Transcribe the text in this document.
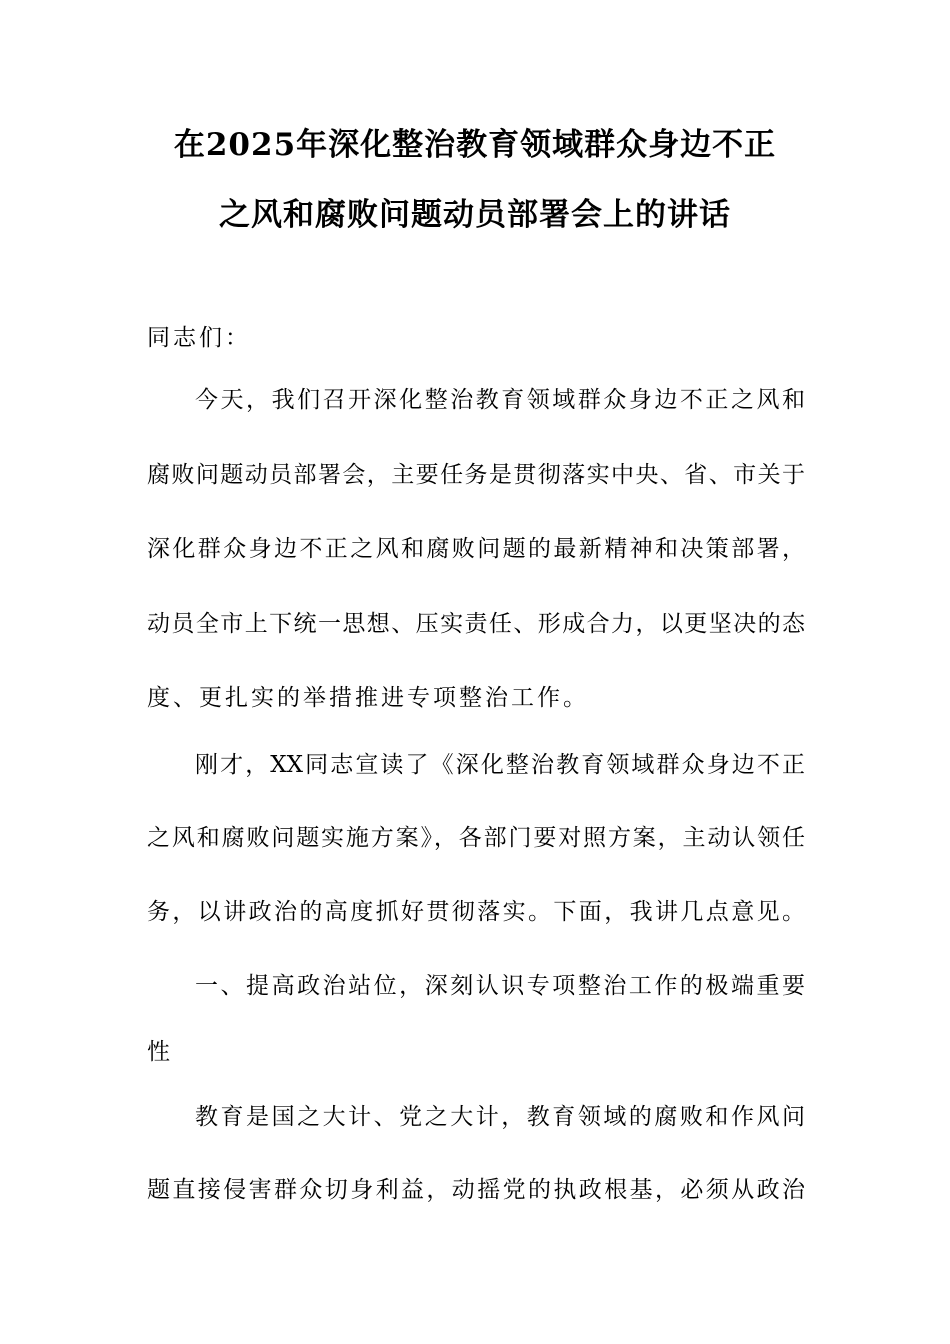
在2025年深化整治教育领域群众身边不正
之风和腐败问题动员部署会上的讲话
同志们：
今天，我们召开深化整治教育领域群众身边不正之风和
腐败问题动员部署会，主要任务是贯彻落实中央、省、市关于
深化群众身边不正之风和腐败问题的最新精神和决策部署，
动员全市上下统一思想、压实责任、形成合力，以更坚决的态
度、更扎实的举措推进专项整治工作。
刚才，XX同志宣读了《深化整治教育领域群众身边不正
之风和腐败问题实施方案》，各部门要对照方案，主动认领任
务，以讲政治的高度抓好贯彻落实。下面，我讲几点意见。
一、提高政治站位，深刻认识专项整治工作的极端重要
性
教育是国之大计、党之大计，教育领域的腐败和作风问
题直接侵害群众切身利益，动摇党的执政根基，必须从政治
